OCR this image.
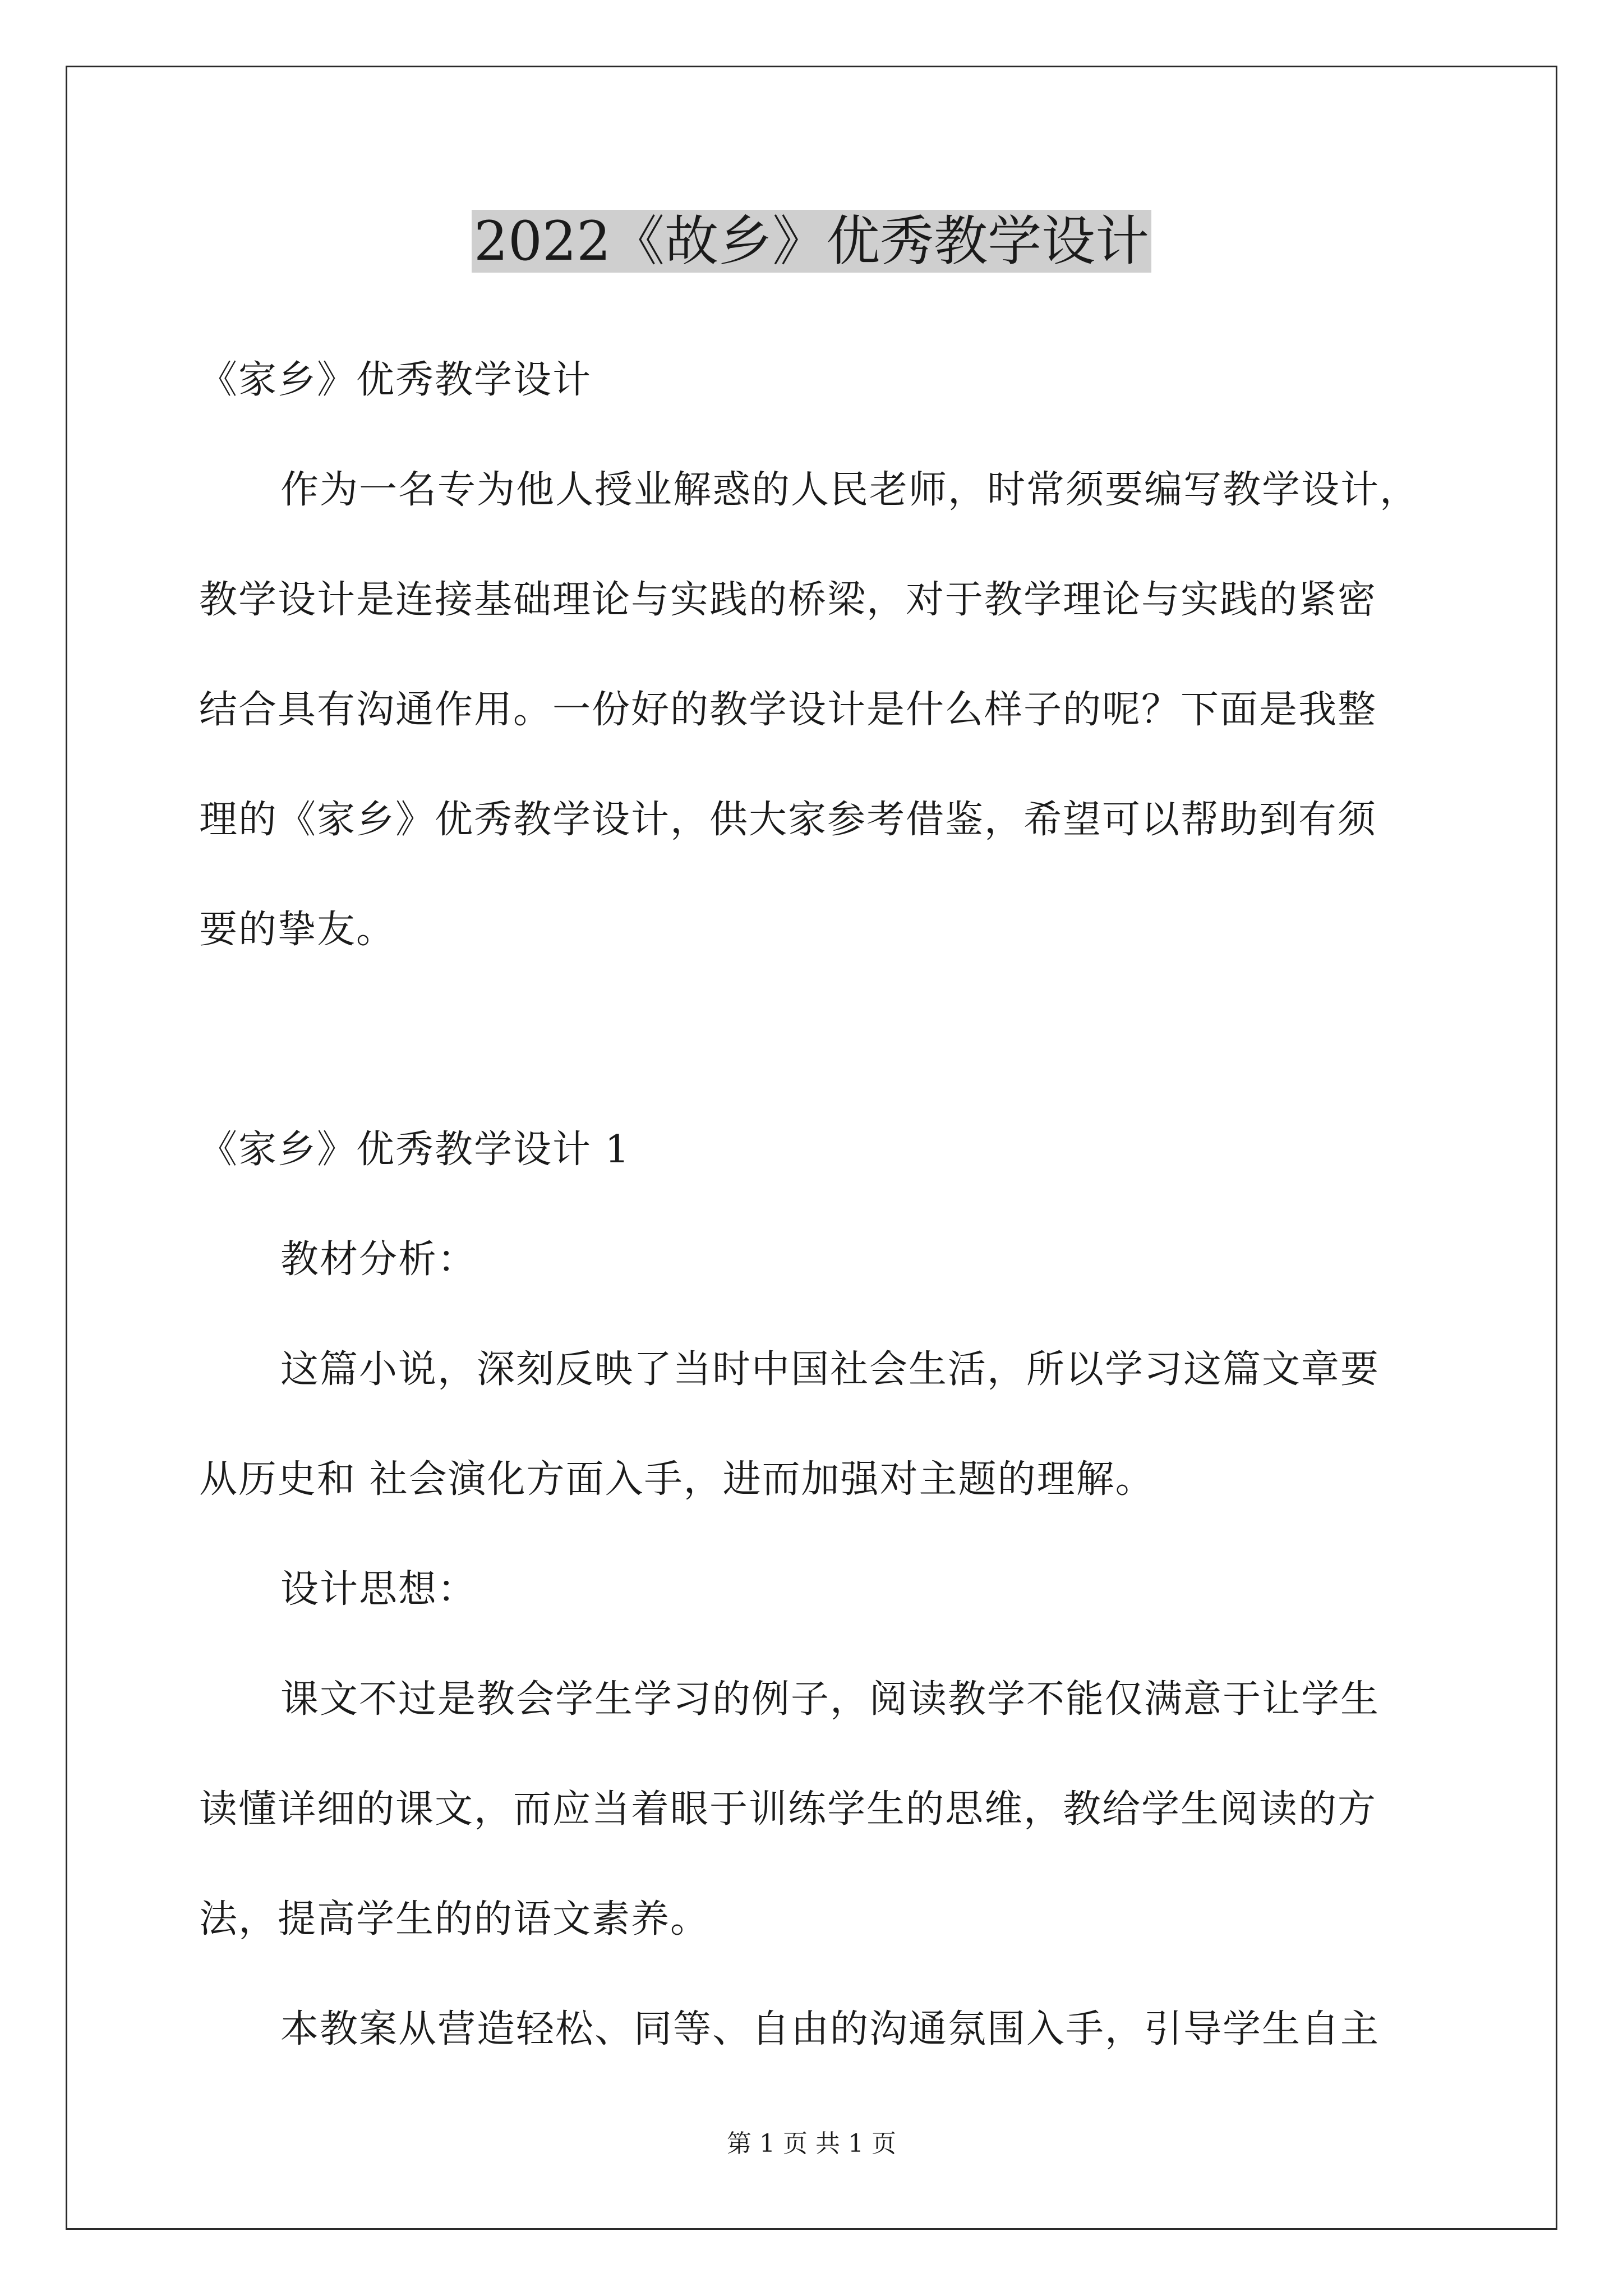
2022《故乡》优秀教学设计
《家乡》优秀教学设计
作为一名专为他人授业解惑的人民老师，时常须要编写教学设计，
教学设计是连接基础理论与实践的桥梁，对于教学理论与实践的紧密
结合具有沟通作用。一份好的教学设计是什么样子的呢？下面是我整
理的《家乡》优秀教学设计，供大家参考借鉴，希望可以帮助到有须
要的挚友。
《家乡》优秀教学设计 1
教材分析：
这篇小说，深刻反映了当时中国社会生活，所以学习这篇文章要
从历史和 社会演化方面入手，进而加强对主题的理解。
设计思想：
课文不过是教会学生学习的例子，阅读教学不能仅满意于让学生
读懂详细的课文，而应当着眼于训练学生的思维，教给学生阅读的方
法，提高学生的的语文素养。
本教案从营造轻松、同等、自由的沟通氛围入手，引导学生自主
第 1 页 共 1 页
